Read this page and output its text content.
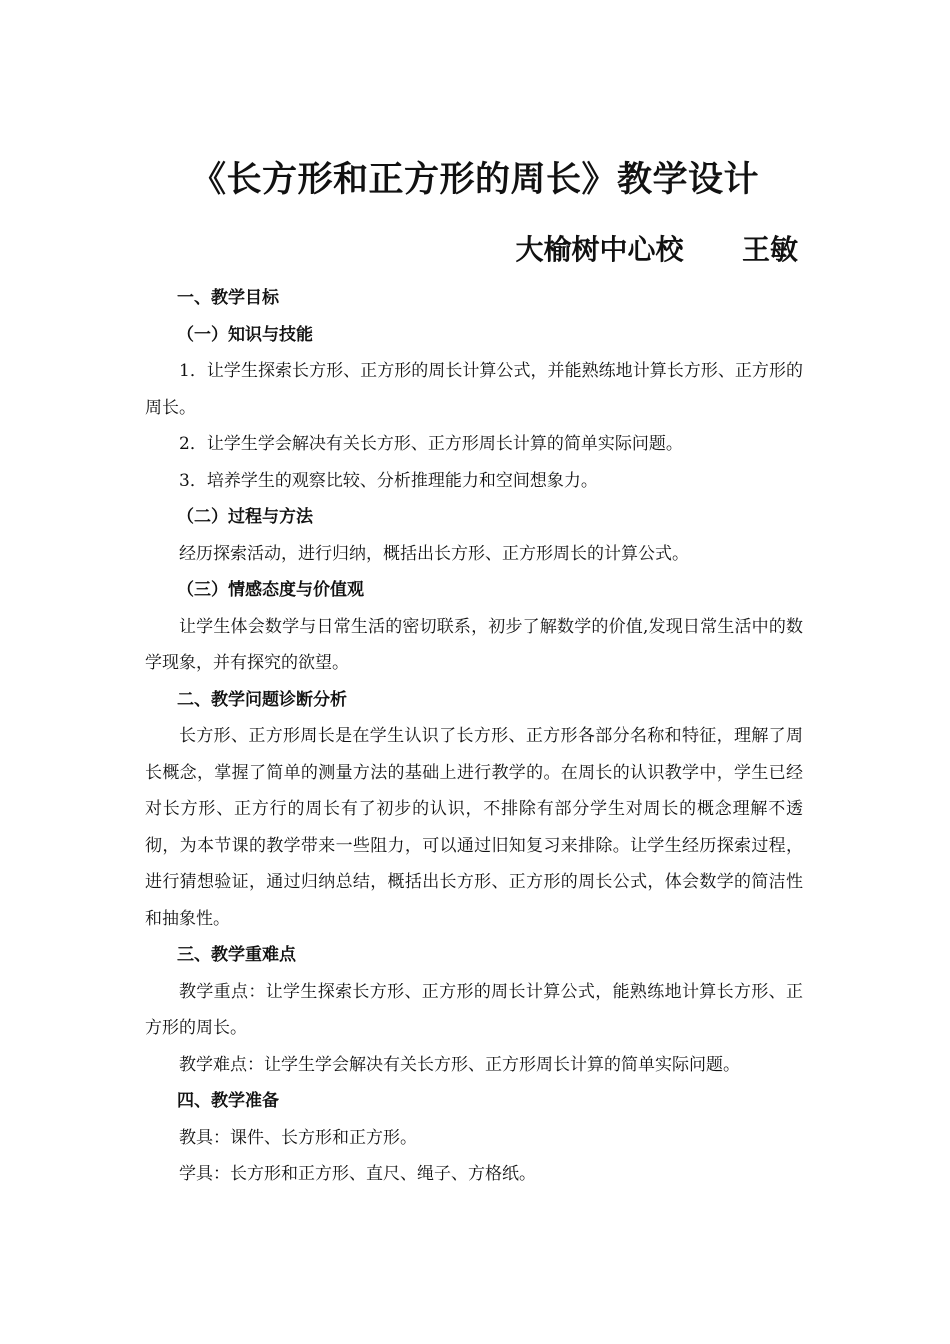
《长方形和正方形的周长》教学设计
大榆树中心校      王敏

一、教学目标

（一）知识与技能

1．让学生探索长方形、正方形的周长计算公式，并能熟练地计算长方形、正方形的周长。

2．让学生学会解决有关长方形、正方形周长计算的简单实际问题。

3．培养学生的观察比较、分析推理能力和空间想象力。

（二）过程与方法

经历探索活动，进行归纳，概括出长方形、正方形周长的计算公式。

（三）情感态度与价值观

让学生体会数学与日常生活的密切联系，初步了解数学的价值,发现日常生活中的数学现象，并有探究的欲望。

二、教学问题诊断分析

长方形、正方形周长是在学生认识了长方形、正方形各部分名称和特征，理解了周长概念，掌握了简单的测量方法的基础上进行教学的。在周长的认识教学中，学生已经对长方形、正方行的周长有了初步的认识，不排除有部分学生对周长的概念理解不透彻，为本节课的教学带来一些阻力，可以通过旧知复习来排除。让学生经历探索过程，进行猜想验证，通过归纳总结，概括出长方形、正方形的周长公式，体会数学的简洁性和抽象性。

三、教学重难点

教学重点：让学生探索长方形、正方形的周长计算公式，能熟练地计算长方形、正方形的周长。

教学难点：让学生学会解决有关长方形、正方形周长计算的简单实际问题。

四、教学准备

教具：课件、长方形和正方形。

学具：长方形和正方形、直尺、绳子、方格纸。
